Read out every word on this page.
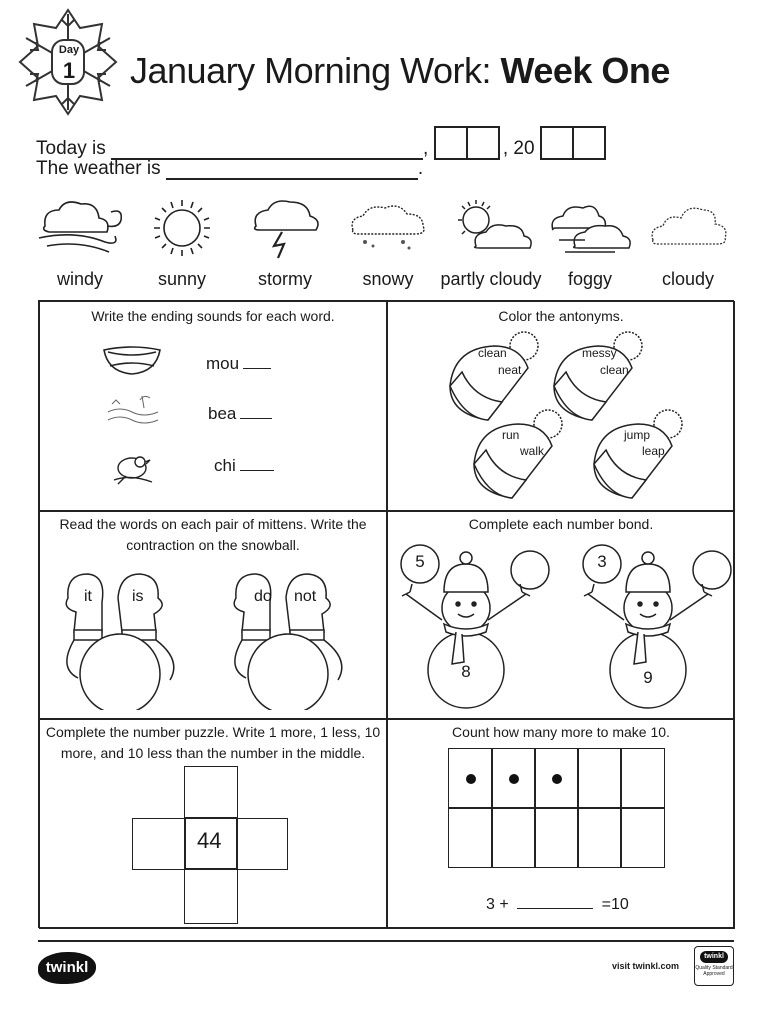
Day
1 January Morning Work: Week One
Today is	,	, 20
The weather is	.
windy	sunny	stormy	snowy	partly cloudy	foggy	cloudy
Write the ending sounds for each word.
mou
bea
chi
Color the antonyms.
clean
neat
messy
clean
run
walk
jump
leap
Read the words on each pair of mittens. Write the contraction on the snowball.
it	is	do not
Complete each number bond.
5
8
3
9
Complete the number puzzle. Write 1 more, 1 less, 10 more, and 10 less than the number in the middle.
44
Count how many more to make 10.
3 +	=10
twinkl	visit twinkl.com
twinkl
Quality Standard Approved
